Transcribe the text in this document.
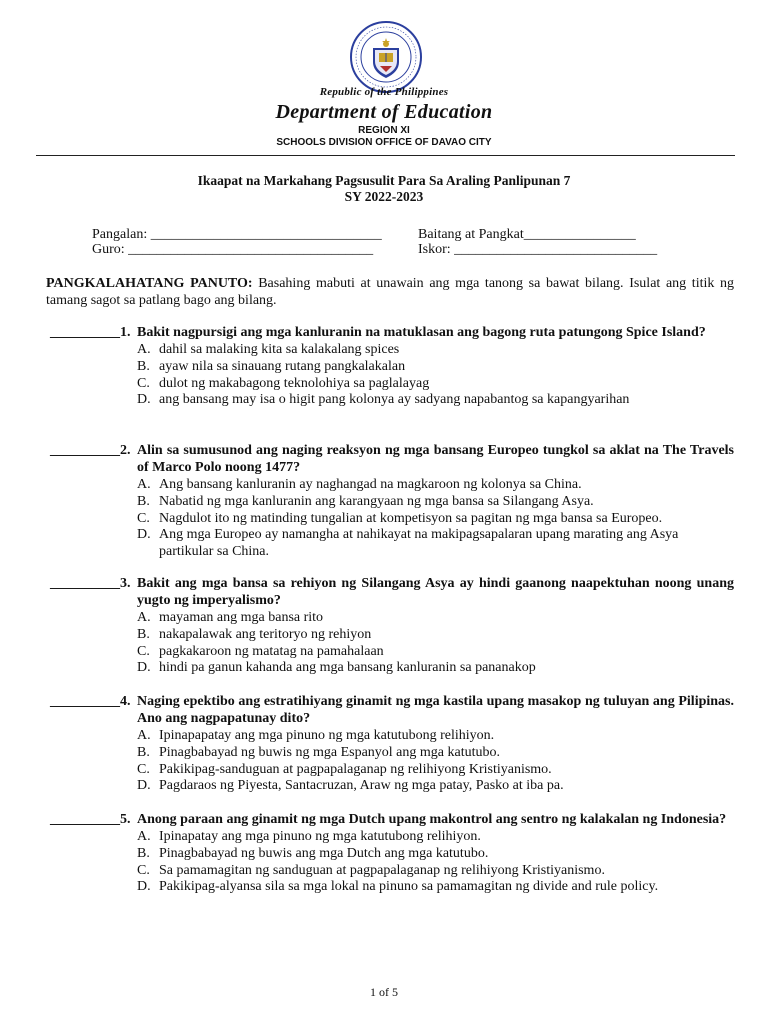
Republic of the Philippines
Department of Education
REGION XI
SCHOOLS DIVISION OFFICE OF DAVAO CITY
Ikaapat na Markahang Pagsusulit Para Sa Araling Panlipunan 7
SY 2022-2023
Pangalan: _________________________________	Baitang at Pangkat________________
Guro: ___________________________________	Iskor: _____________________________
PANGKALAHATANG PANUTO: Basahing mabuti at unawain ang mga tanong sa bawat bilang. Isulat ang titik ng tamang sagot sa patlang bago ang bilang.
__________1. Bakit nagpursigi ang mga kanluranin na matuklasan ang bagong ruta patungong Spice Island?
A. dahil sa malaking kita sa kalakalang spices
B. ayaw nila sa sinauang rutang pangkalakalan
C. dulot ng makabagong teknolohiya sa paglalayag
D. ang bansang may isa o higit pang kolonya ay sadyang napabantog sa kapangyarihan
__________2. Alin sa sumusunod ang naging reaksyon ng mga bansang Europeo tungkol sa aklat na The Travels of Marco Polo noong 1477?
A. Ang bansang kanluranin ay naghangad na magkaroon ng kolonya sa China.
B. Nabatid ng mga kanluranin ang karangyaan ng mga bansa sa Silangang Asya.
C. Nagdulot ito ng matinding tungalian at kompetisyon sa pagitan ng mga bansa sa Europeo.
D. Ang mga Europeo ay namangha at nahikayat na makipagsapalaran upang marating ang Asya partikular sa China.
__________3. Bakit ang mga bansa sa rehiyon ng Silangang Asya ay hindi gaanong naapektuhan noong unang yugto ng imperyalismo?
A. mayaman ang mga bansa rito
B. nakapalawak ang teritoryo ng rehiyon
C. pagkakaroon ng matatag na pamahalaan
D. hindi pa ganun kahanda ang mga bansang kanluranin sa pananakop
__________4. Naging epektibo ang estratihiyang ginamit ng mga kastila upang masakop ng tuluyan ang Pilipinas. Ano ang nagpapatunay dito?
A. Ipinapapatay ang mga pinuno ng mga katutubong relihiyon.
B. Pinagbabayad ng buwis ng mga Espanyol ang mga katutubo.
C. Pakikipag-sanduguan at pagpapalaganap ng relihiyong Kristiyanismo.
D. Pagdaraos ng Piyesta, Santacruzan, Araw ng mga patay, Pasko at iba pa.
__________5. Anong paraan ang ginamit ng mga Dutch upang makontrol ang sentro ng kalakalan ng Indonesia?
A. Ipinapatay ang mga pinuno ng mga katutubong relihiyon.
B. Pinagbabayad ng buwis ang mga Dutch ang mga katutubo.
C. Sa pamamagitan ng sanduguan at pagpapalaganap ng relihiyong Kristiyanismo.
D. Pakikipag-alyansa sila sa mga lokal na pinuno sa pamamagitan ng divide and rule policy.
1 of 5
